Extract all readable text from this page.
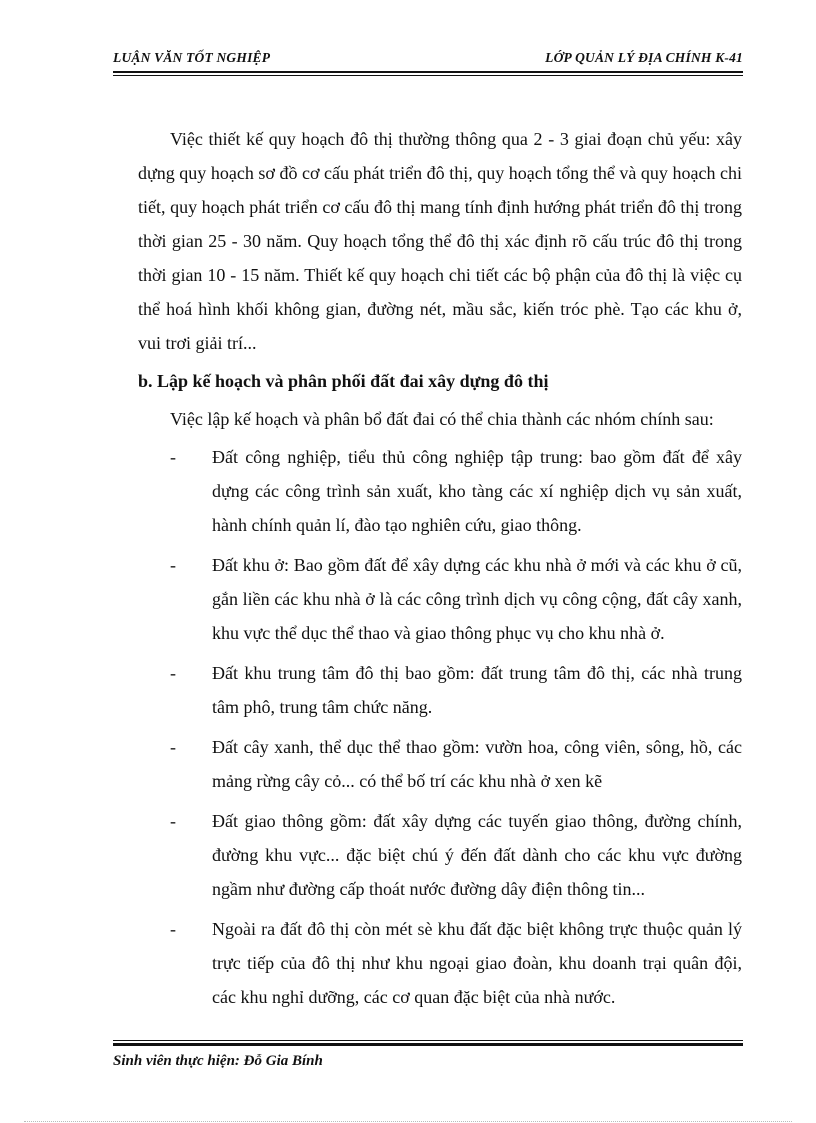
LUẬN VĂN TỐT NGHIỆP	LỚP QUẢN LÝ ĐỊA CHÍNH K-41

Việc thiết kế quy hoạch đô thị thường thông qua 2 - 3 giai đoạn chủ yếu: xây dựng quy hoạch sơ đồ cơ cấu phát triển đô thị, quy hoạch tổng thể và quy hoạch chi tiết, quy hoạch phát triển cơ cấu đô thị mang tính định hướng phát triển đô thị trong thời gian 25 - 30 năm. Quy hoạch tổng thể đô thị xác định rõ cấu trúc đô thị trong thời gian 10 - 15 năm. Thiết kế quy hoạch chi tiết các bộ phận của đô thị là việc cụ thể hoá hình khối không gian, đường nét, mầu sắc, kiến tróc phè. Tạo các khu ở, vui trơi giải trí...

b. Lập kế hoạch và phân phối đất đai xây dựng đô thị

Việc lập kế hoạch và phân bổ đất đai có thể chia thành các nhóm chính sau:

- Đất công nghiệp, tiểu thủ công nghiệp tập trung: bao gồm đất để xây dựng các công trình sản xuất, kho tàng các xí nghiệp dịch vụ sản xuất, hành chính quản lí, đào tạo nghiên cứu, giao thông.
- Đất khu ở: Bao gồm đất để xây dựng các khu nhà ở mới và các khu ở cũ, gắn liền các khu nhà ở là các công trình dịch vụ công cộng, đất cây xanh, khu vực thể dục thể thao và giao thông phục vụ cho khu nhà ở.
- Đất khu trung tâm đô thị bao gồm: đất trung tâm đô thị, các nhà trung tâm phô, trung tâm chức năng.
- Đất cây xanh, thể dục thể thao gồm: vườn hoa, công viên, sông, hồ, các mảng rừng cây cỏ... có thể bố trí các khu nhà ở xen kẽ
- Đất giao thông gồm: đất xây dựng các tuyến giao thông, đường chính, đường khu vực... đặc biệt chú ý đến đất dành cho các khu vực đường ngầm như đường cấp thoát nước đường dây điện thông tin...
- Ngoài ra đất đô thị còn mét sè khu đất đặc biệt không trực thuộc quản lý trực tiếp của đô thị như khu ngoại giao đoàn, khu doanh trại quân đội, các khu nghỉ dưỡng, các cơ quan đặc biệt của nhà nước.
Sinh viên thực hiện: Đỗ Gia Bính
